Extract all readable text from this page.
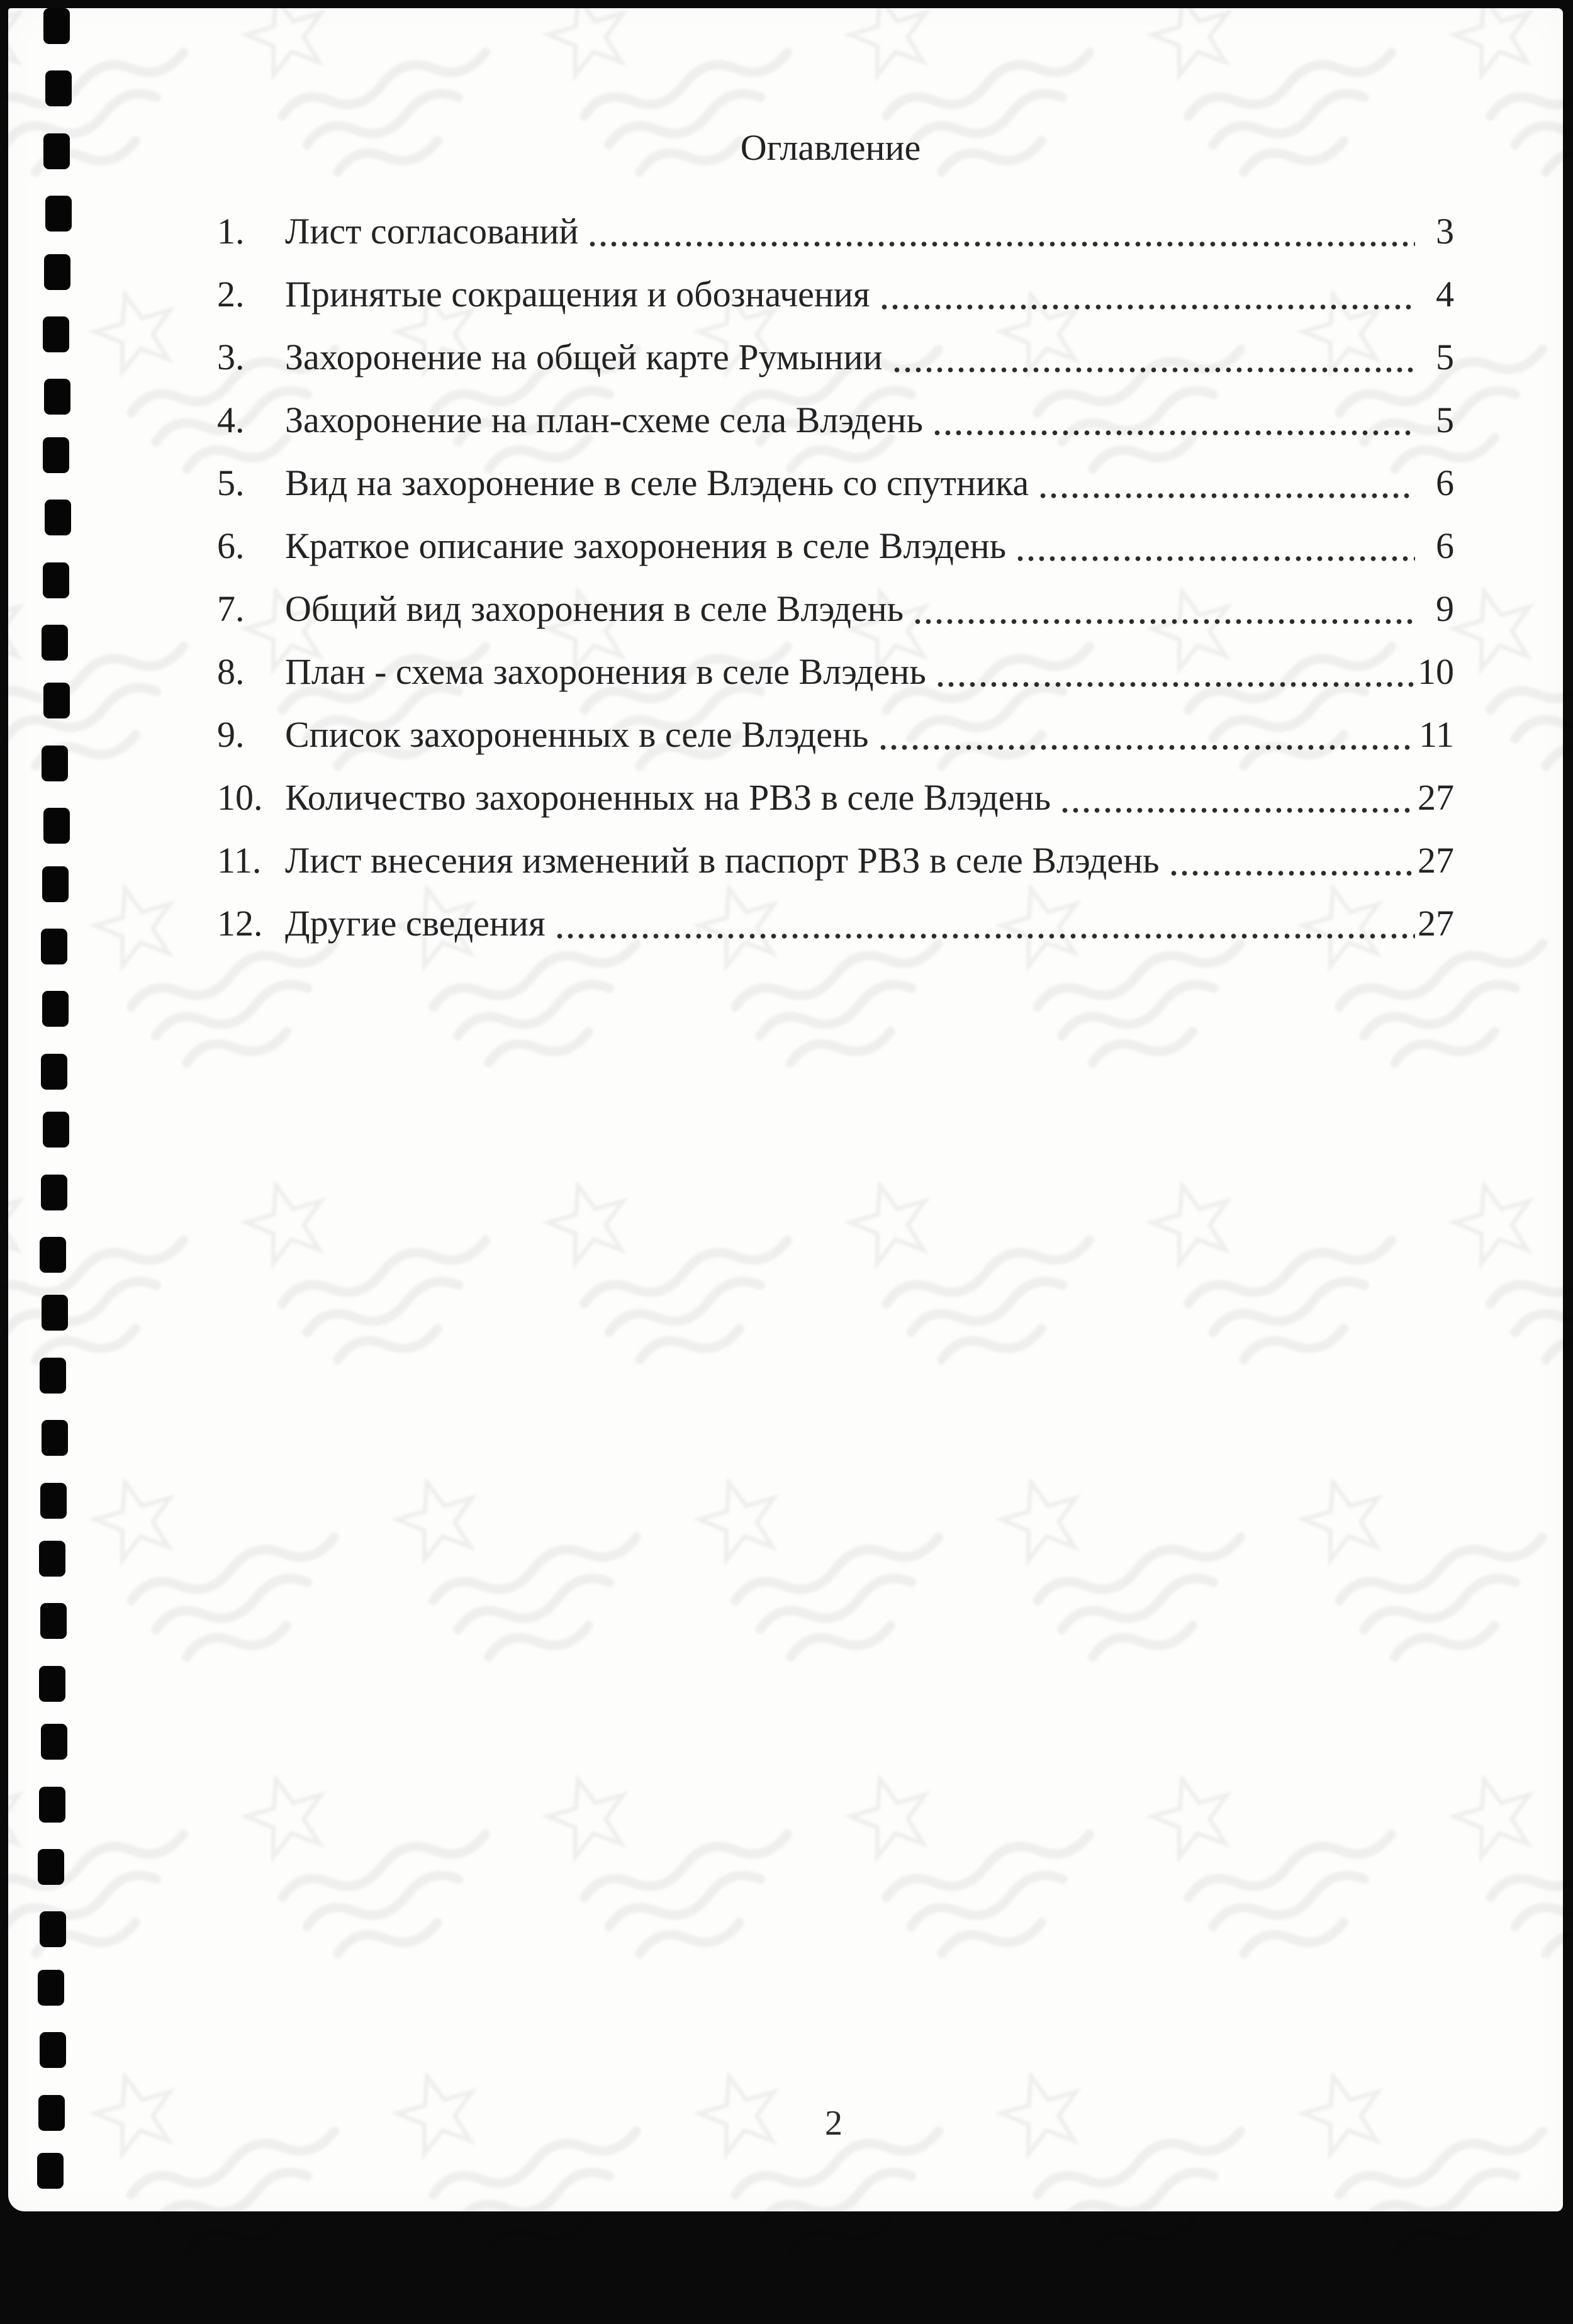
Оглавление
1.	Лист согласований	3
2.	Принятые сокращения и обозначения	4
3.	Захоронение на общей карте Румынии	5
4.	Захоронение на план-схеме села Влэдень	5
5.	Вид на захоронение в селе Влэдень со спутника	6
6.	Краткое описание захоронения в селе Влэдень	6
7.	Общий вид захоронения в селе Влэдень	9
8.	План - схема захоронения в селе Влэдень	10
9.	Список захороненных в селе Влэдень	11
10. Количество захороненных на РВЗ в селе Влэдень	27
11. Лист внесения изменений в паспорт РВЗ в селе Влэдень	27
12. Другие сведения	27
2
